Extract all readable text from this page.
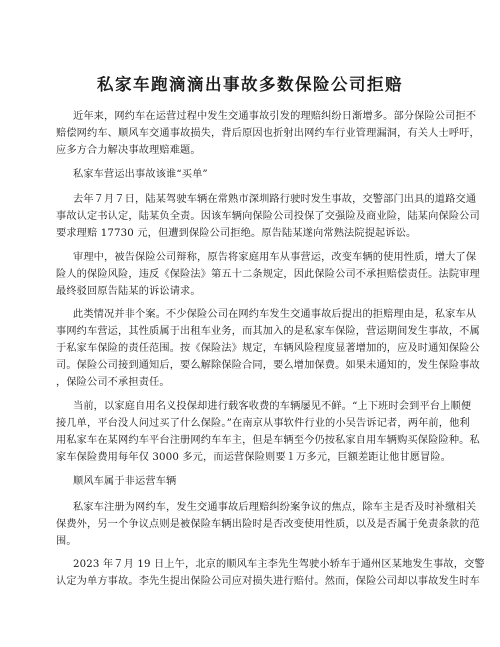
私家车跑滴滴出事故多数保险公司拒赔
近年来，网约车在运营过程中发生交通事故引发的理赔纠纷日渐增多。部分保险公司拒不
赔偿网约车、顺风车交通事故损失，背后原因也折射出网约车行业管理漏洞，有关人士呼吁，
应多方合力解决事故理赔难题。
私家车营运出事故该谁“买单”
去年７月７日，陆某驾驶车辆在常熟市深圳路行驶时发生事故，交警部门出具的道路交通
事故认定书认定，陆某负全责。因该车辆向保险公司投保了交强险及商业险，陆某向保险公司
要求理赔 17730 元，但遭到保险公司拒绝。原告陆某遂向常熟法院提起诉讼。
审理中，被告保险公司辩称，原告将家庭用车从事营运，改变车辆的使用性质，增大了保
险人的保险风险，违反《保险法》第五十二条规定，因此保险公司不承担赔偿责任。法院审理
最终驳回原告陆某的诉讼请求。
此类情况并非个案。不少保险公司在网约车发生交通事故后提出的拒赔理由是，私家车从
事网约车营运，其性质属于出租车业务，而其加入的是私家车保险，营运期间发生事故，不属
于私家车保险的责任范围。按《保险法》规定，车辆风险程度显著增加的，应及时通知保险公
司。保险公司接到通知后，要么解除保险合同，要么增加保费。如果未通知的，发生保险事故
，保险公司不承担责任。
当前，以家庭自用名义投保却进行载客收费的车辆屡见不鲜。“上下班时会到平台上顺便
接几单，平台没人问过买了什么保险。”在南京从事软件行业的小吴告诉记者，两年前，他利
用私家车在某网约车平台注册网约车车主，但是车辆至今仍按私家自用车辆购买保险险种。私
家车保险费用每年仅 3000 多元，而运营保险则要１万多元，巨额差距让他甘愿冒险。
顺风车属于非运营车辆
私家车注册为网约车，发生交通事故后理赔纠纷案争议的焦点，除车主是否及时补缴相关
保费外，另一个争议点则是被保险车辆出险时是否改变使用性质，以及是否属于免责条款的范
围。
2023 年７月 19 日上午，北京的顺风车主李先生驾驶小轿车于通州区某地发生事故，交警
认定为单方事故。李先生提出保险公司应对损失进行赔付。然而，保险公司却以事故发生时车
